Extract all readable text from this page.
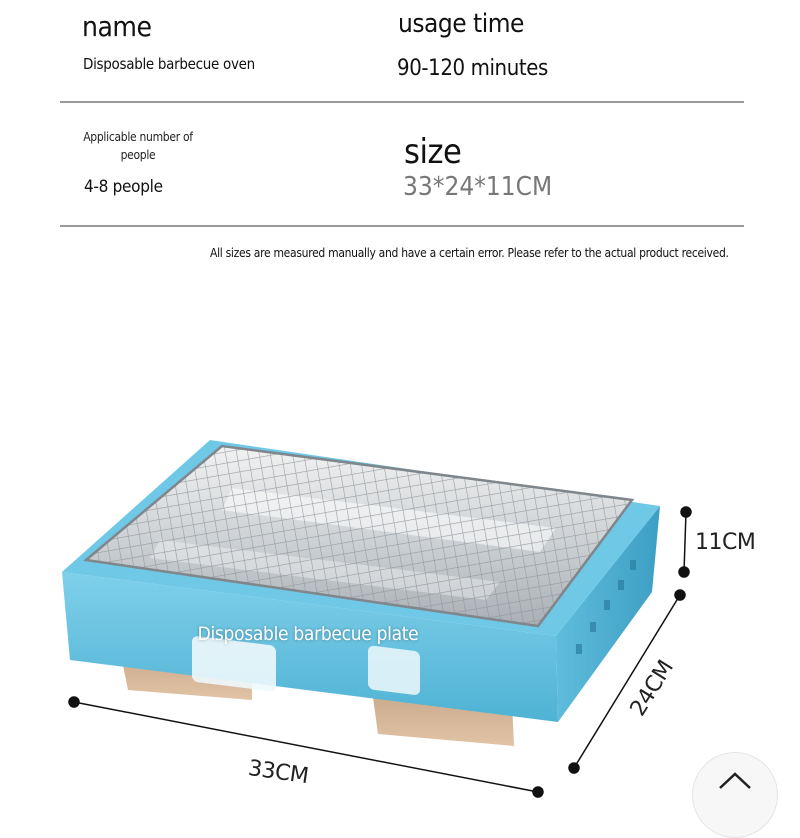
name
Disposable barbecue oven
usage time
90-120 minutes
Applicable number of people
4-8 people
size
33*24*11CM
All sizes are measured manually and have a certain error. Please refer to the actual product received.
Disposable barbecue plate
11CM
24CM
33CM
